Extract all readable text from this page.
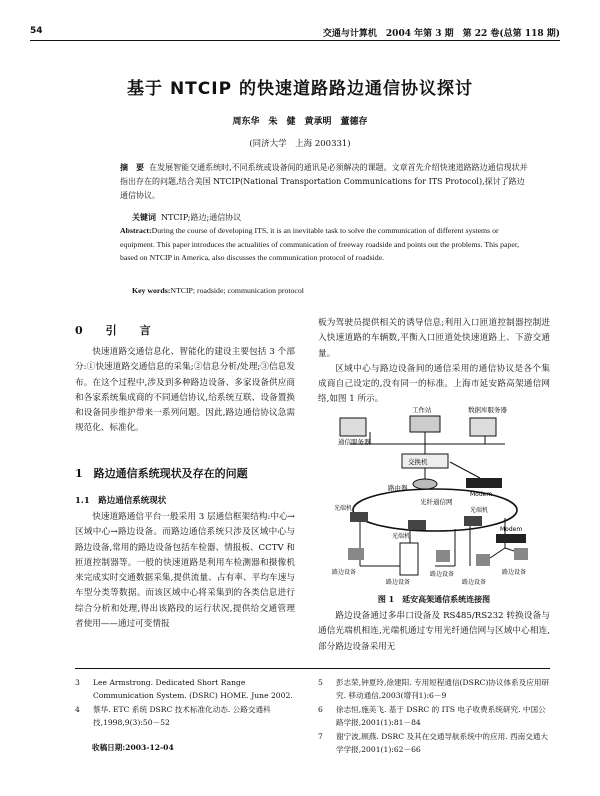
54	交通与计算机　2004 年第 3 期　第 22 卷(总第 118 期)
基于 NTCIP 的快速道路路边通信协议探讨
周东华　朱　健　黄承明　董德存
(同济大学　上海 200331)
摘　要 在发展智能交通系统时,不同系统或设备间的通讯是必须解决的课题。文章首先介绍快速道路路边通信现状并指出存在的问题,结合美国 NTCIP(National Transportation Communications for ITS Protocol),探讨了路边通信协议。
关键词 NTCIP;路边;通信协议
Abstract:During the course of developing ITS, it is an inevitable task to solve the communication of different systems or equipment. This paper introduces the actualities of communication of freeway roadside and points out the problems. This paper, based on NTCIP in America, also discusses the communication protocol of roadside.
Key words:NTCIP; roadside; communication protocol
0　引　言

快速道路交通信息化、智能化的建设主要包括 3 个部分:①快速道路交通信息的采集;②信息分析/处理;③信息发布。在这个过程中,涉及到多种路边设备、多家设备供应商和各家系统集成商的不同通信协议,给系统互联、设备置换和设备同步维护带来一系列问题。因此,路边通信协议急需规范化、标准化。

1　路边通信系统现状及存在的问题
1.1　路边通信系统现状

快速道路通信平台一般采用 3 层通信框架结构:中心→区域中心→路边设备。而路边通信系统只涉及区域中心与路边设备,常用的路边设备包括车检器、情报板、CCTV 和匝道控制器等。一般的快速道路是利用车检测器和摄像机来完成实时交通数据采集,提供流量、占有率、平均车速与车型分类等数据。而该区域中心将采集到的各类信息进行综合分析和处理,得出该路段的运行状况,提供给交通管理者使用——通过可变情报

板为驾驶员提供相关的诱导信息;利用入口匝道控制器控制进入快速道路的车辆数,平衡入口匝道处快速道路上、下游交通量。

区域中心与路边设备间的通信采用的通信协议是各个集成商自己设定的,没有同一的标准。上海市延安路高架通信网络,如图 1 所示。

通信服务器
工作站	数据库服务器
交换机
路由器
Modem
光纤通信网
光端机
光端机
光端机
Modem
路边设备
路边设备
路边设备
路边设备
路边设备
图 1　延安高架通信系统连接图

路边设备通过多串口设备及 RS485/RS232 转换设备与通信光端机相连,光端机通过专用光纤通信网与区域中心相连,部分路边设备采用无

3 Lee Armstrong. Dedicated Short Range Communication System. (DSRC) HOME. June 2002.
4 蔡华. ETC 系统 DSRC 技术标准化动态. 公路交通科技,1998,9(3):50－52
收稿日期:2003-12-04
5 彭志荣,钟夏玲,徐建阳. 专用短程通信(DSRC)协议体系及应用研究. 移动通信,2003(增刊1):6－9
6 徐志恒,施美飞. 基于 DSRC 的 ITS 电子收费系统研究. 中国公路学报,2001(1):81－84
7 谢宁波,顾燕. DSRC 及其在交通导航系统中的应用. 西南交通大学学报,2001(1):62－66
